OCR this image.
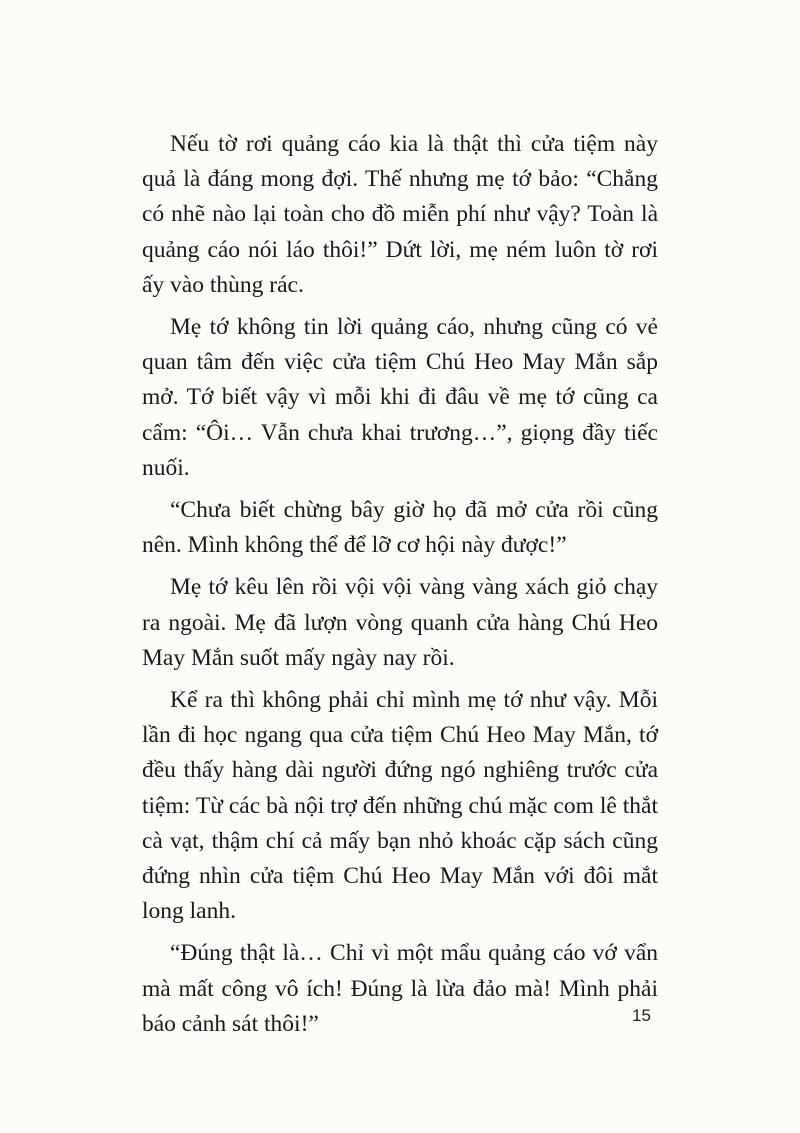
Nếu tờ rơi quảng cáo kia là thật thì cửa tiệm này quả là đáng mong đợi. Thế nhưng mẹ tớ bảo: “Chẳng có nhẽ nào lại toàn cho đồ miễn phí như vậy? Toàn là quảng cáo nói láo thôi!” Dứt lời, mẹ ném luôn tờ rơi ấy vào thùng rác.

Mẹ tớ không tin lời quảng cáo, nhưng cũng có vẻ quan tâm đến việc cửa tiệm Chú Heo May Mắn sắp mở. Tớ biết vậy vì mỗi khi đi đâu về mẹ tớ cũng ca cẩm: “Ôi… Vẫn chưa khai trương…”, giọng đầy tiếc nuối.

“Chưa biết chừng bây giờ họ đã mở cửa rồi cũng nên. Mình không thể để lỡ cơ hội này được!”

Mẹ tớ kêu lên rồi vội vội vàng vàng xách giỏ chạy ra ngoài. Mẹ đã lượn vòng quanh cửa hàng Chú Heo May Mắn suốt mấy ngày nay rồi.

Kể ra thì không phải chỉ mình mẹ tớ như vậy. Mỗi lần đi học ngang qua cửa tiệm Chú Heo May Mắn, tớ đều thấy hàng dài người đứng ngó nghiêng trước cửa tiệm: Từ các bà nội trợ đến những chú mặc com lê thắt cà vạt, thậm chí cả mấy bạn nhỏ khoác cặp sách cũng đứng nhìn cửa tiệm Chú Heo May Mắn với đôi mắt long lanh.

“Đúng thật là… Chỉ vì một mẩu quảng cáo vớ vẩn mà mất công vô ích! Đúng là lừa đảo mà! Mình phải báo cảnh sát thôi!”	15
